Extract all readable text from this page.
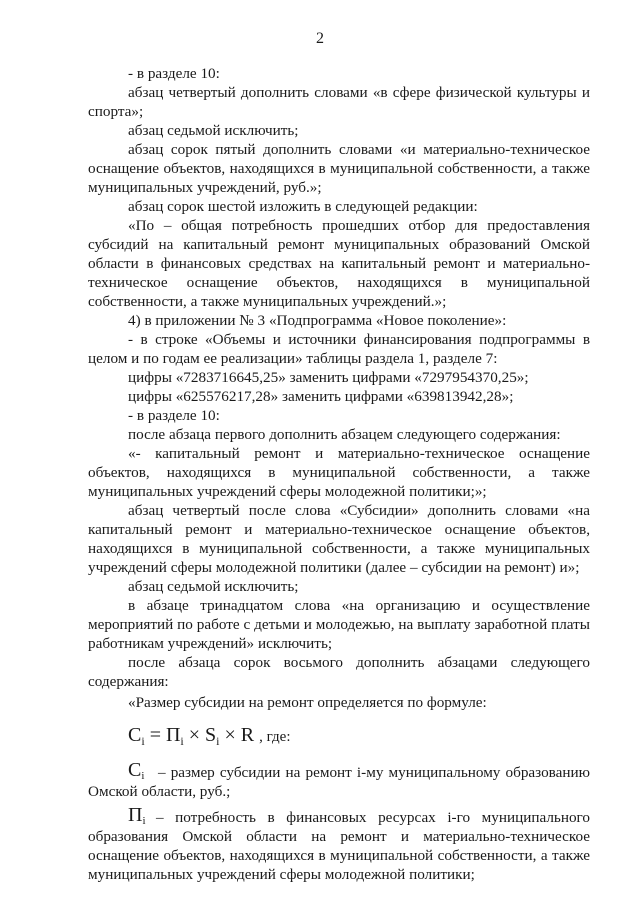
2
- в разделе 10:
абзац четвертый дополнить словами «в сфере физической культуры и
спорта»;
абзац седьмой исключить;
абзац сорок пятый дополнить словами «и материально-техническое
оснащение объектов, находящихся в муниципальной собственности, а также
муниципальных учреждений, руб.»;
абзац сорок шестой изложить в следующей редакции:
«По – общая потребность прошедших отбор для предоставления
субсидий на капитальный ремонт муниципальных образований Омской
области в финансовых средствах на капитальный ремонт и материально-
техническое оснащение объектов, находящихся в муниципальной
собственности, а также муниципальных учреждений.»;
4) в приложении № 3 «Подпрограмма «Новое поколение»:
- в строке «Объемы и источники финансирования подпрограммы в
целом и по годам ее реализации» таблицы раздела 1, разделе 7:
цифры «7283716645,25» заменить цифрами «7297954370,25»;
цифры «625576217,28» заменить цифрами «639813942,28»;
- в разделе 10:
после абзаца первого дополнить абзацем следующего содержания:
«- капитальный ремонт и материально-техническое оснащение
объектов, находящихся в муниципальной собственности, а также
муниципальных учреждений сферы молодежной политики;»;
абзац четвертый после слова «Субсидии» дополнить словами «на
капитальный ремонт и материально-техническое оснащение объектов,
находящихся в муниципальной собственности, а также муниципальных
учреждений сферы молодежной политики (далее – субсидии на ремонт) и»;
абзац седьмой исключить;
в абзаце тринадцатом слова «на организацию и осуществление
мероприятий по работе с детьми и молодежью, на выплату заработной платы
работникам учреждений» исключить;
после абзаца сорок восьмого дополнить абзацами следующего
содержания:
«Размер субсидии на ремонт определяется по формуле:
– размер субсидии на ремонт i-му муниципальному образованию
Омской области, руб.;
– потребность в финансовых ресурсах i-го муниципального
образования Омской области на ремонт и материально-техническое
оснащение объектов, находящихся в муниципальной собственности, а также
муниципальных учреждений сферы молодежной политики;
$C_i = П_i \times S_i \times R$ , где:
$C_i$
$П_i$
